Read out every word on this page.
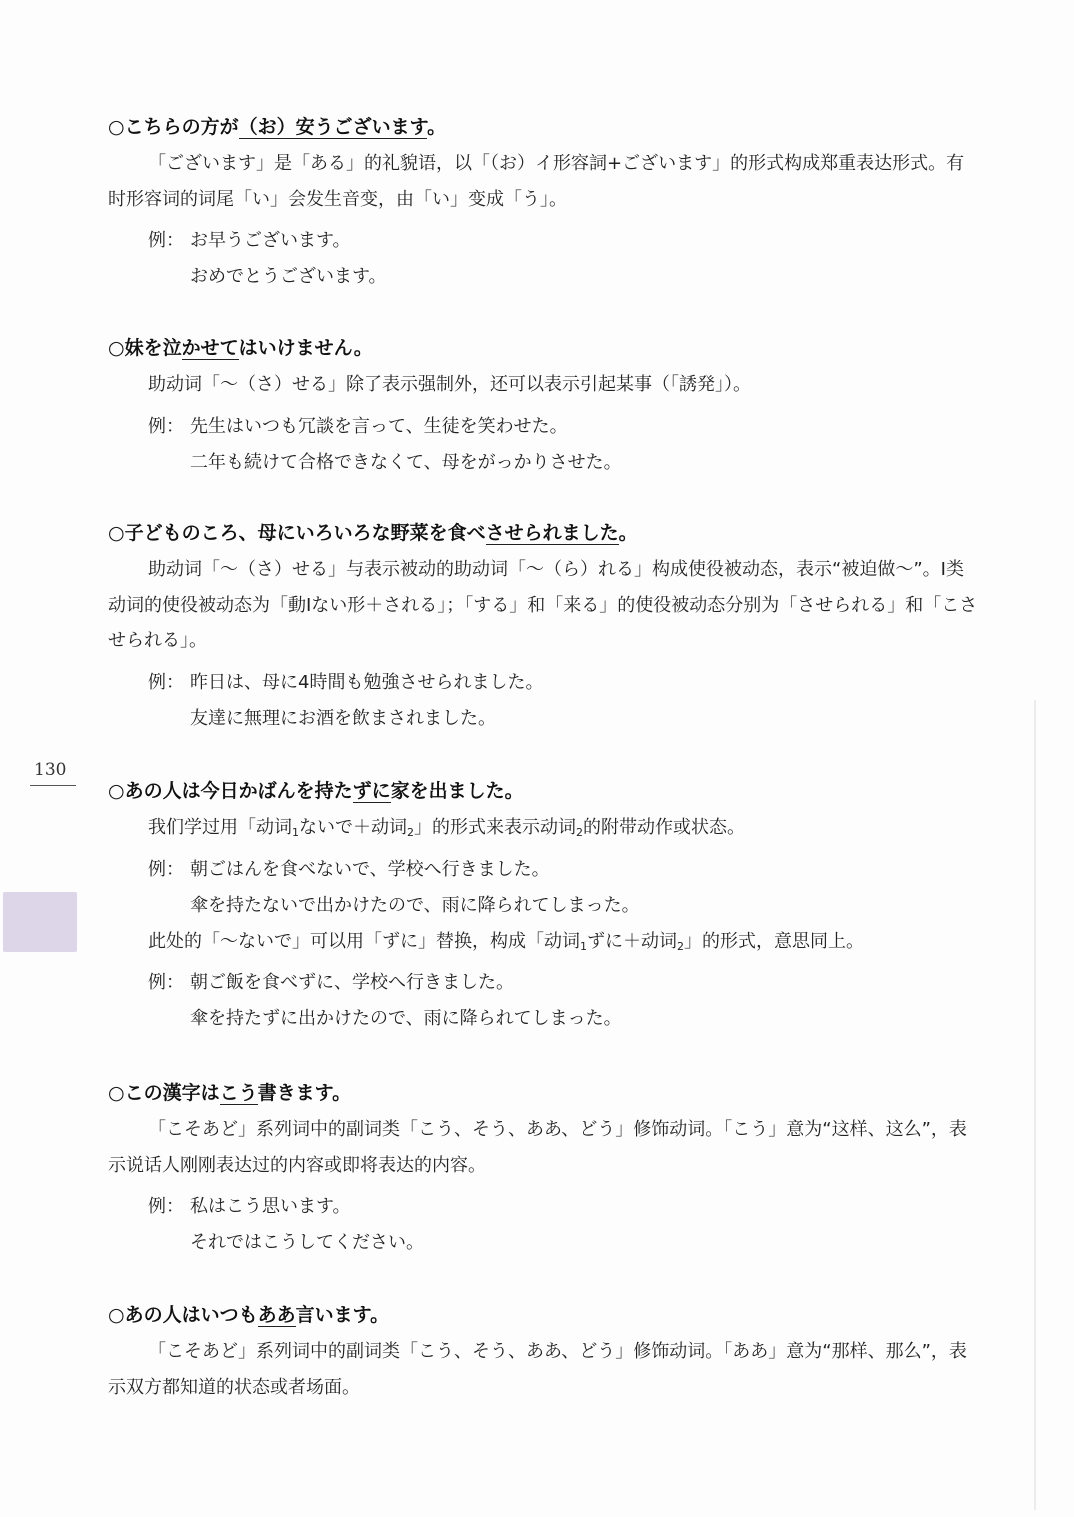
○こちらの方が（お）安うございます。

「ございます」是「ある」的礼貌语，以「（お）イ形容詞+ございます」的形式构成郑重表达形式。有时形容词的词尾「い」会发生音变，由「い」变成「う」。

例： お早うございます。
おめでとうございます。
○妹を泣かせてはいけません。

助动词「～（さ）せる」除了表示强制外，还可以表示引起某事（「誘発」）。

例： 先生はいつも冗談を言って、生徒を笑わせた。
二年も続けて合格できなくて、母をがっかりさせた。
○子どものころ、母にいろいろな野菜を食べさせられました。

助动词「～（さ）せる」与表示被动的助动词「～（ら）れる」构成使役被动态，表示“被迫做～”。Ⅰ类动词的使役被动态为「動Ⅰない形＋される」；「する」和「来る」的使役被动态分别为「させられる」和「こさせられる」。

例： 昨日は、母に4時間も勉強させられました。
友達に無理にお酒を飲まされました。
○あの人は今日かばんを持たずに家を出ました。

我们学过用「动词$_1$ないで＋动词$_2$」的形式来表示动词$_2$的附带动作或状态。

例： 朝ごはんを食べないで、学校へ行きました。
傘を持たないで出かけたので、雨に降られてしまった。

此处的「～ないで」可以用「ずに」替换，构成「动词$_1$ずに＋动词$_2$」的形式，意思同上。

例： 朝ご飯を食べずに、学校へ行きました。
傘を持たずに出かけたので、雨に降られてしまった。
○この漢字はこう書きます。

「こそあど」系列词中的副词类「こう、そう、ああ、どう」修饰动词。「こう」意为“这样、这么”，表示说话人刚刚表达过的内容或即将表达的内容。

例： 私はこう思います。
それではこうしてください。
○あの人はいつもああ言います。

「こそあど」系列词中的副词类「こう、そう、ああ、どう」修饰动词。「ああ」意为“那样、那么”，表示双方都知道的状态或者场面。

130
